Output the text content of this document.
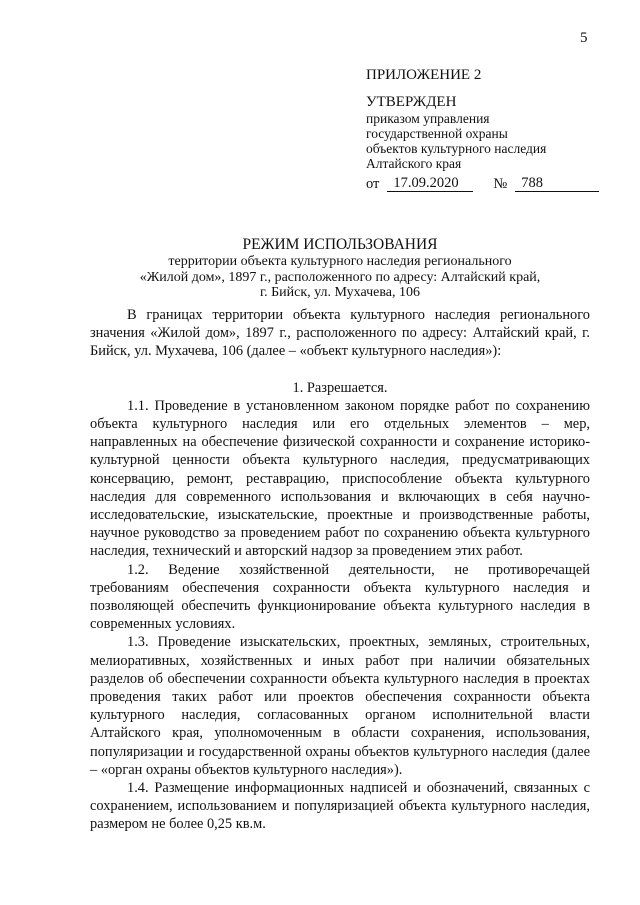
5
ПРИЛОЖЕНИЕ 2
УТВЕРЖДЕН
приказом управления
государственной охраны
объектов культурного наследия
Алтайского края
от 17.09.2020	№ 788
РЕЖИМ ИСПОЛЬЗОВАНИЯ
территории объекта культурного наследия регионального
«Жилой дом», 1897 г., расположенного по адресу: Алтайский край,
г. Бийск, ул. Мухачева, 106

В границах территории объекта культурного наследия регионального значения «Жилой дом», 1897 г., расположенного по адресу: Алтайский край, г. Бийск, ул. Мухачева, 106 (далее – «объект культурного наследия»):

1. Разрешается.

1.1. Проведение в установленном законом порядке работ по сохранению объекта культурного наследия или его отдельных элементов – мер, направленных на обеспечение физической сохранности и сохранение историко-культурной ценности объекта культурного наследия, предусматривающих консервацию, ремонт, реставрацию, приспособление объекта культурного наследия для современного использования и включающих в себя научно-исследовательские, изыскательские, проектные и производственные работы, научное руководство за проведением работ по сохранению объекта культурного наследия, технический и авторский надзор за проведением этих работ.

1.2. Ведение хозяйственной деятельности, не противоречащей требованиям обеспечения сохранности объекта культурного наследия и позволяющей обеспечить функционирование объекта культурного наследия в современных условиях.

1.3. Проведение изыскательских, проектных, земляных, строительных, мелиоративных, хозяйственных и иных работ при наличии обязательных разделов об обеспечении сохранности объекта культурного наследия в проектах проведения таких работ или проектов обеспечения сохранности объекта культурного наследия, согласованных органом исполнительной власти Алтайского края, уполномоченным в области сохранения, использования, популяризации и государственной охраны объектов культурного наследия (далее – «орган охраны объектов культурного наследия»).

1.4. Размещение информационных надписей и обозначений, связанных с сохранением, использованием и популяризацией объекта культурного наследия, размером не более 0,25 кв.м.
